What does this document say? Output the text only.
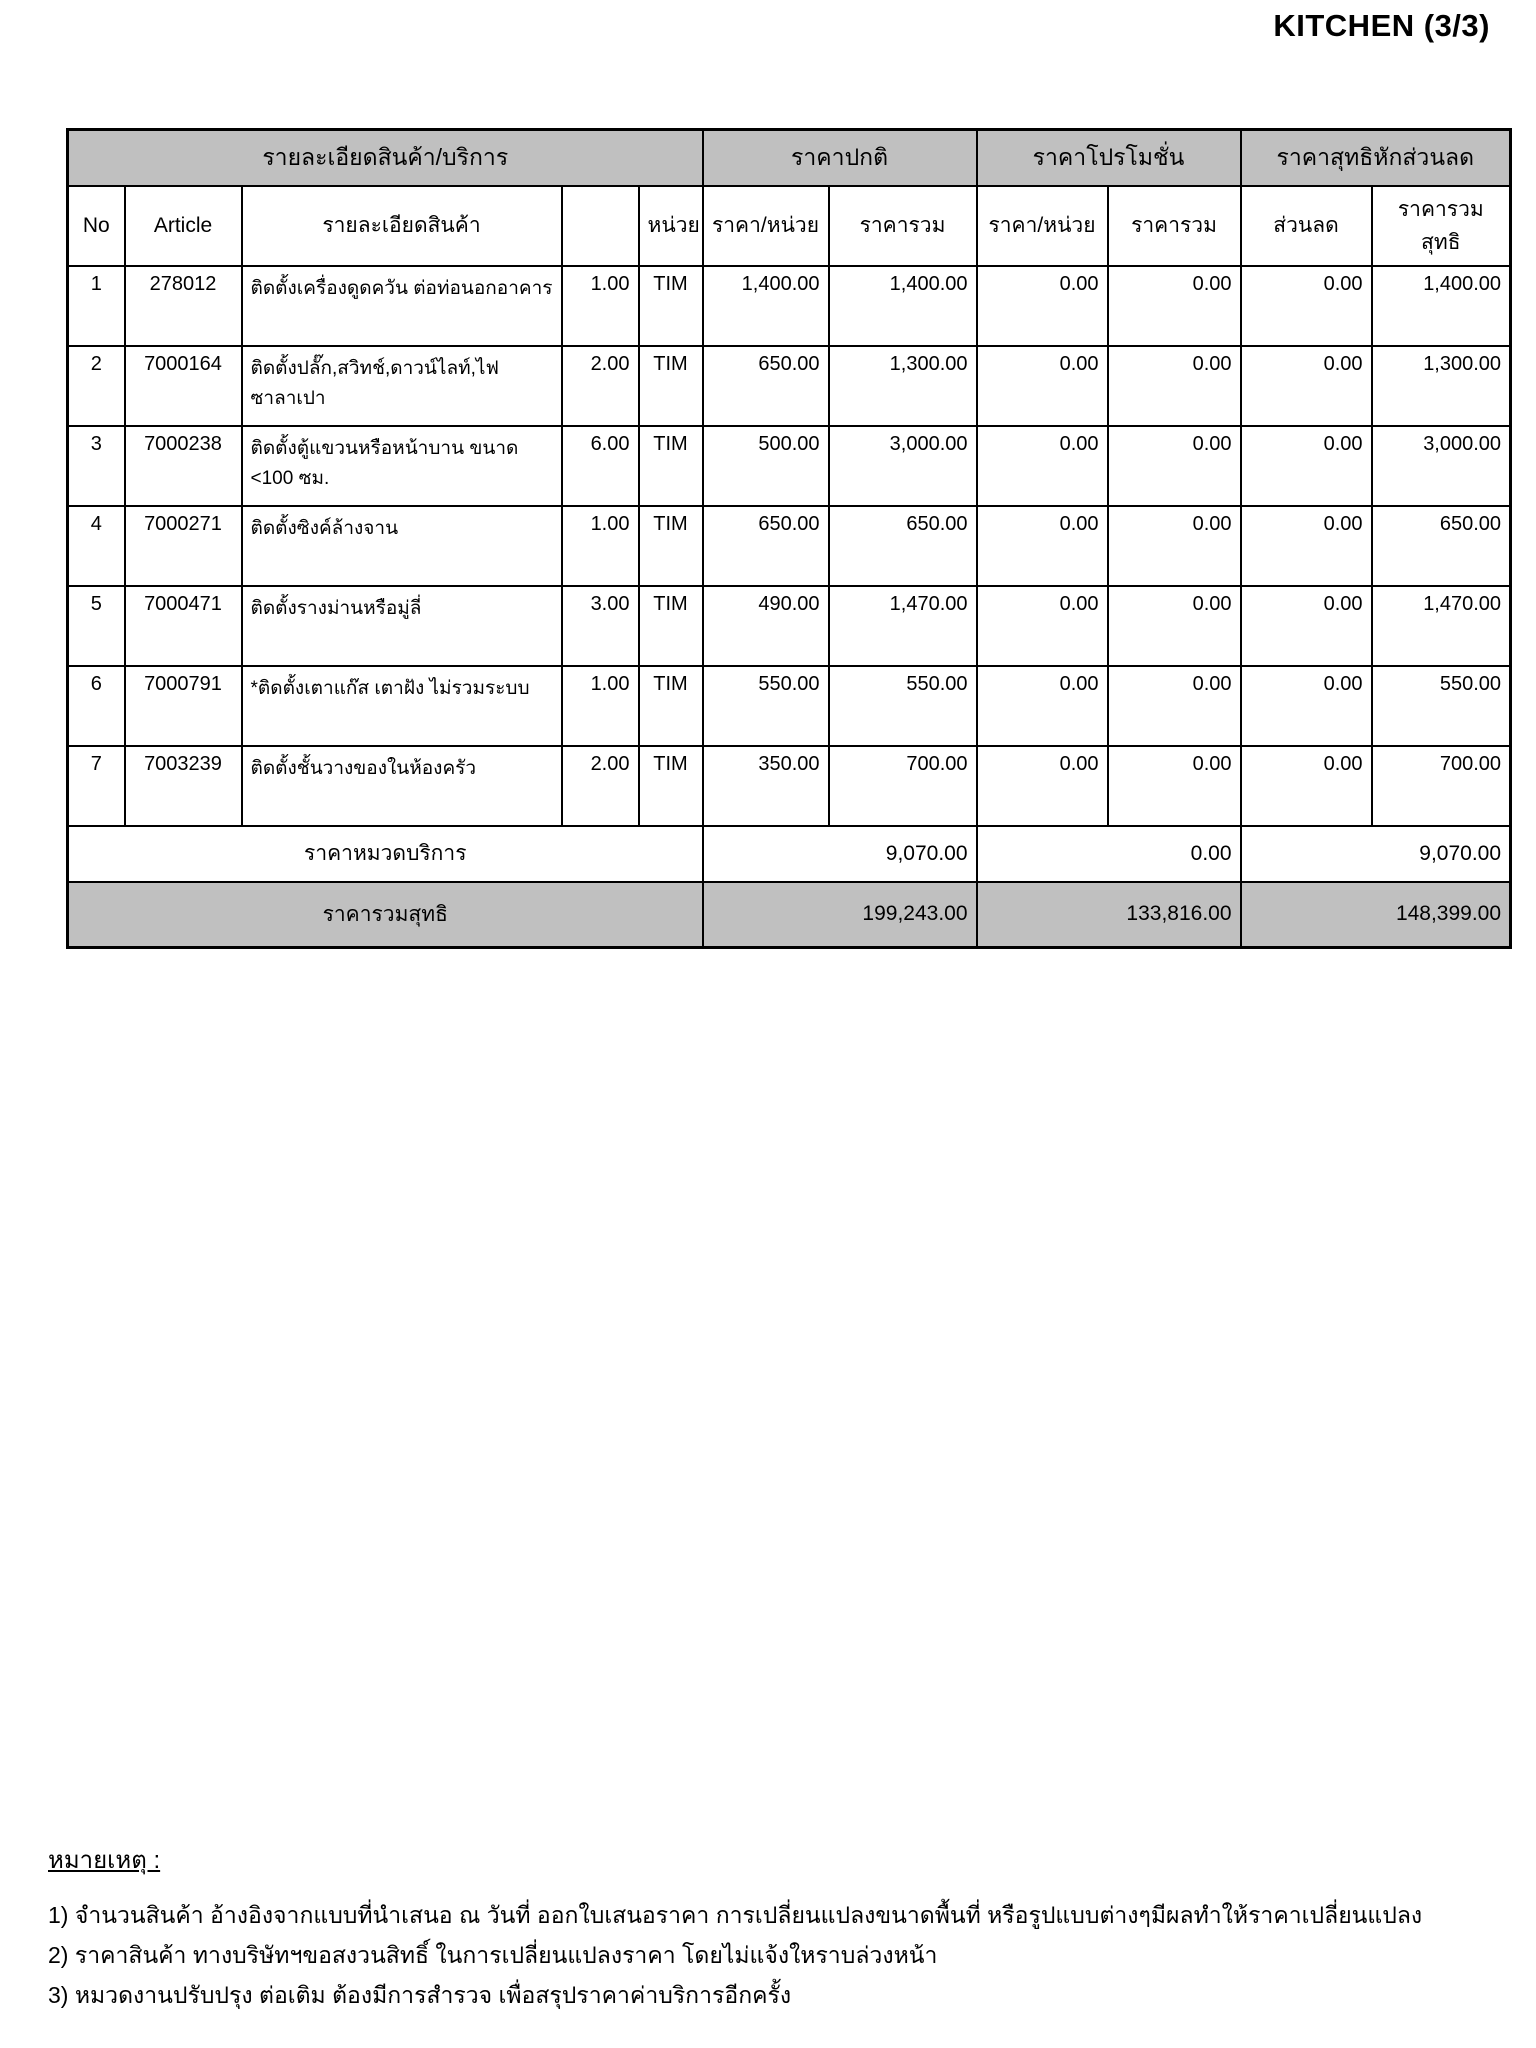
KITCHEN (3/3)
รายละเอียดสินค้า/บริการ					ราคาปกติ		ราคาโปรโมชั่น		ราคาสุทธิหักส่วนลด	
No	Article	รายละเอียดสินค้า		หน่วย	ราคา/หน่วย	ราคารวม	ราคา/หน่วย	ราคารวม	ส่วนลด	ราคารวมสุทธิ
1	278012	ติดตั้งเครื่องดูดควัน ต่อท่อนอกอาคาร	1.00	TIM	1,400.00	1,400.00	0.00	0.00	0.00	1,400.00
2	7000164	ติดตั้งปลั๊ก,สวิทช์,ดาวน์ไลท์,ไฟซาลาเปา	2.00	TIM	650.00	1,300.00	0.00	0.00	0.00	1,300.00
3	7000238	ติดตั้งตู้แขวนหรือหน้าบาน ขนาด <100 ซม.	6.00	TIM	500.00	3,000.00	0.00	0.00	0.00	3,000.00
4	7000271	ติดตั้งซิงค์ล้างจาน	1.00	TIM	650.00	650.00	0.00	0.00	0.00	650.00
5	7000471	ติดตั้งรางม่านหรือมู่ลี่	3.00	TIM	490.00	1,470.00	0.00	0.00	0.00	1,470.00
6	7000791	*ติดตั้งเตาแก๊ส เตาฝัง ไม่รวมระบบ	1.00	TIM	550.00	550.00	0.00	0.00	0.00	550.00
7	7003239	ติดตั้งชั้นวางของในห้องครัว	2.00	TIM	350.00	700.00	0.00	0.00	0.00	700.00
ราคาหมวดบริการ					9,070.00		0.00		9,070.00	
ราคารวมสุทธิ					199,243.00		133,816.00		148,399.00	
หมายเหตุ :
1) จำนวนสินค้า อ้างอิงจากแบบที่นำเสนอ ณ วันที่ ออกใบเสนอราคา การเปลี่ยนแปลงขนาดพื้นที่ หรือรูปแบบต่างๆมีผลทำให้ราคาเปลี่ยนแปลง
2) ราคาสินค้า ทางบริษัทฯขอสงวนสิทธิ์ ในการเปลี่ยนแปลงราคา โดยไม่แจ้งใหราบล่วงหน้า
3) หมวดงานปรับปรุง ต่อเติม ต้องมีการสำรวจ เพื่อสรุปราคาค่าบริการอีกครั้ง
